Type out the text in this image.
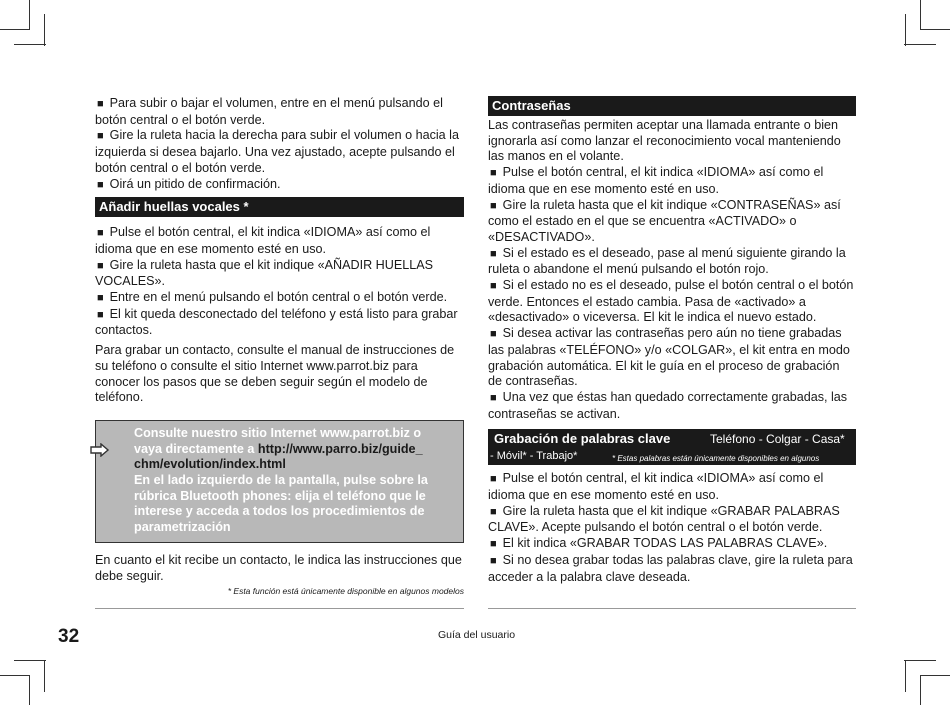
■ Para subir o bajar el volumen, entre en el menú pulsando el botón central o el botón verde.

■ Gire la ruleta hacia la derecha para subir el volumen o hacia la izquierda si desea bajarlo. Una vez ajustado, acepte pulsando el botón central o el botón verde.

■ Oirá un pitido de confirmación.

Añadir huellas vocales *

■ Pulse el botón central, el kit indica «IDIOMA» así como el idioma que en ese momento esté en uso.

■ Gire la ruleta hasta que el kit indique «AÑADIR HUELLAS VOCALES».

■ Entre en el menú pulsando el botón central o el botón verde.

■ El kit queda desconectado del teléfono y está listo para grabar contactos.

Para grabar un contacto, consulte el manual de instrucciones de su teléfono o consulte el sitio Internet www.parrot.biz para conocer los pasos que se deben seguir según el modelo de teléfono.

Consulte nuestro sitio Internet www.parrot.biz o vaya directamente a http://www.parro.biz/guide_ chm/evolution/index.html
En el lado izquierdo de la pantalla, pulse sobre la rúbrica Bluetooth phones: elija el teléfono que le interese y acceda a todos los procedimientos de parametrización

En cuanto el kit recibe un contacto, le indica las instrucciones que debe seguir.

* Esta función está únicamente disponible en algunos modelos

Contraseñas

Las contraseñas permiten aceptar una llamada entrante o bien ignorarla así como lanzar el reconocimiento vocal manteniendo las manos en el volante.

■ Pulse el botón central, el kit indica «IDIOMA» así como el idioma que en ese momento esté en uso.

■ Gire la ruleta hasta que el kit indique «CONTRASEÑAS» así como el estado en el que se encuentra «ACTIVADO» o «DESACTIVADO».

■ Si el estado es el deseado, pase al menú siguiente girando la ruleta o abandone el menú pulsando el botón rojo.

■ Si el estado no es el deseado, pulse el botón central o el botón verde. Entonces el estado cambia. Pasa de «activado» a «desactivado» o viceversa. El kit le indica el nuevo estado.

■ Si desea activar las contraseñas pero aún no tiene grabadas las palabras «TELÉFONO» y/o «COLGAR», el kit entra en modo grabación automática. El kit le guía en el proceso de grabación de contraseñas.

■ Una vez que éstas han quedado correctamente grabadas, las contraseñas se activan.

Grabación de palabras clave	Teléfono - Colgar - Casa*
- Móvil* - Trabajo*	* Estas palabras están únicamente disponibles en algunos

■ Pulse el botón central, el kit indica «IDIOMA» así como el idioma que en ese momento esté en uso.

■ Gire la ruleta hasta que el kit indique «GRABAR PALABRAS CLAVE». Acepte pulsando el botón central o el botón verde.

■ El kit indica «GRABAR TODAS LAS PALABRAS CLAVE».

■ Si no desea grabar todas las palabras clave, gire la ruleta para acceder a la palabra clave deseada.

32	Guía del usuario
